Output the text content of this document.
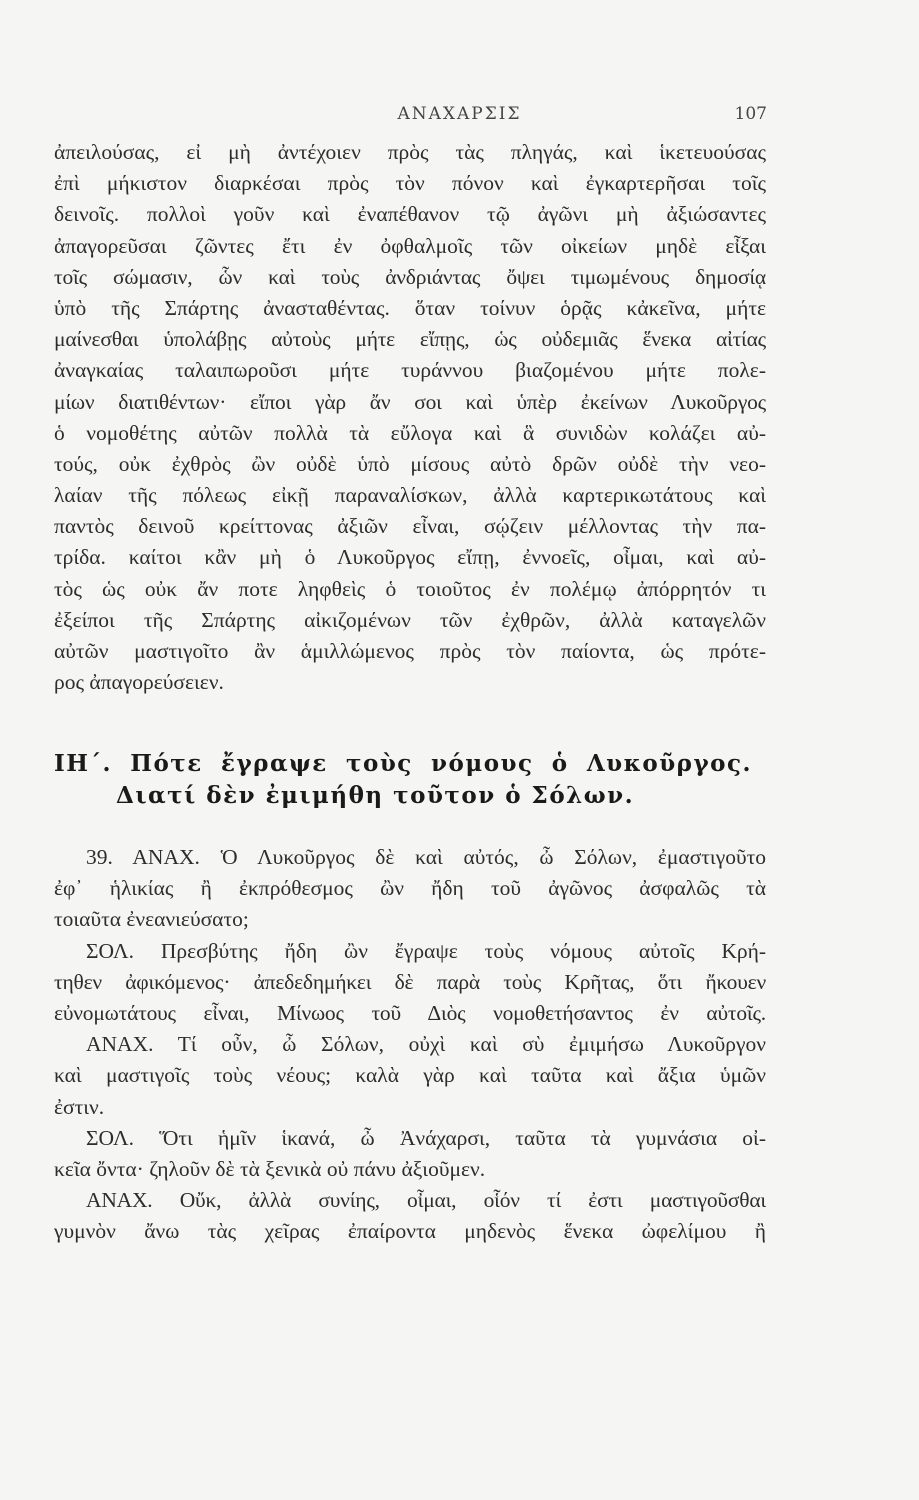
ΑΝΑΧΑΡΣΙΣ	107
ἀπειλούσας, εἰ μὴ ἀντέχοιεν πρὸς τὰς πληγάς, καὶ ἱκετευούσας
ἐπὶ μήκιστον διαρκέσαι πρὸς τὸν πόνον καὶ ἐγκαρτερῆσαι τοῖς
δεινοῖς. πολλοὶ γοῦν καὶ ἐναπέθανον τῷ ἀγῶνι μὴ ἀξιώσαντες
ἀπαγορεῦσαι ζῶντες ἔτι ἐν ὀφθαλμοῖς τῶν οἰκείων μηδὲ εἶξαι
τοῖς σώμασιν, ὧν καὶ τοὺς ἀνδριάντας ὄψει τιμωμένους δημοσίᾳ
ὑπὸ τῆς Σπάρτης ἀνασταθέντας. ὅταν τοίνυν ὁρᾷς κἀκεῖνα, μήτε
μαίνεσθαι ὑπολάβῃς αὐτοὺς μήτε εἴπῃς, ὡς οὐδεμιᾶς ἕνεκα αἰτίας
ἀναγκαίας ταλαιπωροῦσι μήτε τυράννου βιαζομένου μήτε πολε-
μίων διατιθέντων· εἴποι γὰρ ἄν σοι καὶ ὑπὲρ ἐκείνων Λυκοῦργος
ὁ νομοθέτης αὐτῶν πολλὰ τὰ εὔλογα καὶ ἃ συνιδὼν κολάζει αὐ-
τούς, οὐκ ἐχθρὸς ὢν οὐδὲ ὑπὸ μίσους αὐτὸ δρῶν οὐδὲ τὴν νεο-
λαίαν τῆς πόλεως εἰκῇ παραναλίσκων, ἀλλὰ καρτερικωτάτους καὶ
παντὸς δεινοῦ κρείττονας ἀξιῶν εἶναι, σῴζειν μέλλοντας τὴν πα-
τρίδα. καίτοι κἂν μὴ ὁ Λυκοῦργος εἴπῃ, ἐννοεῖς, οἶμαι, καὶ αὐ-
τὸς ὡς οὐκ ἄν ποτε ληφθεὶς ὁ τοιοῦτος ἐν πολέμῳ ἀπόρρητόν τι
ἐξείποι τῆς Σπάρτης αἰκιζομένων τῶν ἐχθρῶν, ἀλλὰ καταγελῶν
αὐτῶν μαστιγοῖτο ἂν ἁμιλλώμενος πρὸς τὸν παίοντα, ὡς πρότε-
ρος ἀπαγορεύσειεν.
ΙΗ΄. Πότε ἔγραψε τοὺς νόμους ὁ Λυκοῦργος.
Διατί δὲν ἐμιμήθη τοῦτον ὁ Σόλων.
39. ΑΝΑΧ. Ὁ Λυκοῦργος δὲ καὶ αὐτός, ὦ Σόλων, ἐμαστιγοῦτο
ἐφ᾽ ἡλικίας ἢ ἐκπρόθεσμος ὢν ἤδη τοῦ ἀγῶνος ἀσφαλῶς τὰ
τοιαῦτα ἐνεανιεύσατο;
ΣΟΛ. Πρεσβύτης ἤδη ὢν ἔγραψε τοὺς νόμους αὐτοῖς Κρή-
τηθεν ἀφικόμενος· ἀπεδεδημήκει δὲ παρὰ τοὺς Κρῆτας, ὅτι ἤκουεν
εὐνομωτάτους εἶναι, Μίνωος τοῦ Διὸς νομοθετήσαντος ἐν αὐτοῖς.
ΑΝΑΧ. Τί οὖν, ὦ Σόλων, οὐχὶ καὶ σὺ ἐμιμήσω Λυκοῦργον
καὶ μαστιγοῖς τοὺς νέους; καλὰ γὰρ καὶ ταῦτα καὶ ἄξια ὑμῶν
ἐστιν.
ΣΟΛ. Ὅτι ἡμῖν ἱκανά, ὦ Ἀνάχαρσι, ταῦτα τὰ γυμνάσια οἰ-
κεῖα ὄντα· ζηλοῦν δὲ τὰ ξενικὰ οὐ πάνυ ἀξιοῦμεν.
ΑΝΑΧ. Οὔκ, ἀλλὰ συνίης, οἶμαι, οἷόν τί ἐστι μαστιγοῦσθαι
γυμνὸν ἄνω τὰς χεῖρας ἐπαίροντα μηδενὸς ἕνεκα ὠφελίμου ἢ
